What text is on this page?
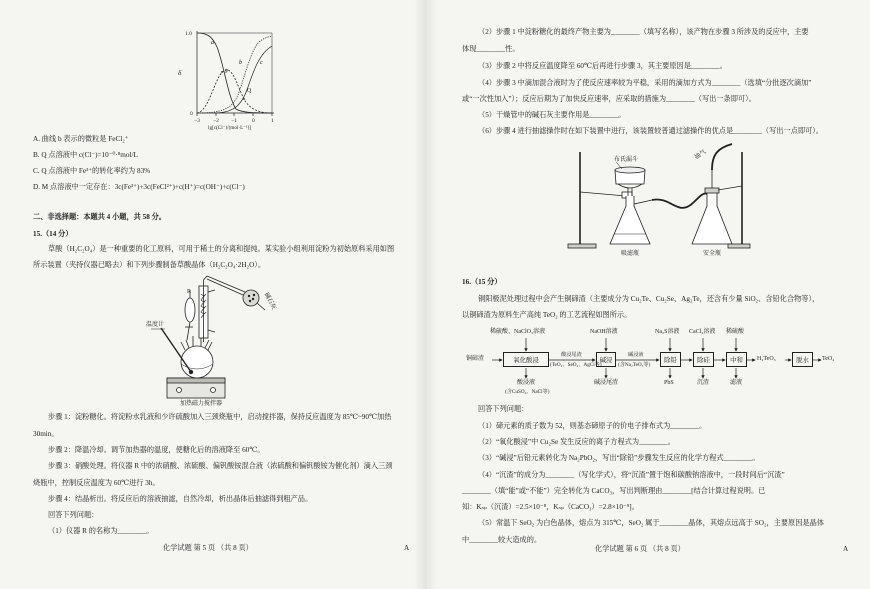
δ
1.0
0
−3 −2 −1	0	1
lg[c(Cl⁻)/(mol·L⁻¹)]
a
b	c
P
Q
A. 曲线 b 表示的微粒是 FeCl₂⁺
B. Q 点溶液中 c(Cl⁻)=10⁻⁰·⁸mol/L
C. Q 点溶液中 Fe³⁺的转化率约为 83%
D. M 点溶液中一定存在：3c(Fe³⁺)+3c(FeCl²⁺)+c(H⁺)=c(OH⁻)+c(Cl⁻)
二、非选择题：本题共 4 小题，共 58 分。
15.（14 分）
草酸（H₂C₂O₄）是一种重要的化工原料，可用于稀土的分离和提纯。某实验小组利用淀粉为初始原料采用如图
所示装置（夹持仪器已略去）和下列步骤制备草酸晶体（H₂C₂O₄·2H₂O）。
R
温度计
碱石灰
加热磁力搅拌器
步骤 1：淀粉糖化。将淀粉水乳液和少许硫酸加入三颈烧瓶中，启动搅拌器，保持反应温度为 85℃~90℃加热
30min。
步骤 2：降温冷却。调节加热器的温度，使糖化后的溶液降至 60℃。
步骤 3：硝酸处理。将仪器 R 中的浓硝酸、浓硫酸、偏钒酸铵混合液（浓硫酸和偏钒酸铵为催化剂）滴入三颈
烧瓶中，控制反应温度为 60℃进行 3h。
步骤 4：结晶析出。将反应后的溶液抽滤，自然冷却，析出晶体后抽滤得到粗产品。
回答下列问题：
（1）仪器 R 的名称为________。
化学试题 第 5 页 （共 8 页）	A
（2）步骤 1 中淀粉糖化的最终产物主要为________（填写名称），该产物在步骤 3 所涉及的反应中，主要
体现________性。
（3）步骤 2 中将反应温度降至 60℃后再进行步骤 3，其主要原因是________。
（4）步骤 3 中滴加混合液时为了使反应速率较为平稳，采用的滴加方式为________（选填“分批逐次滴加”
或“一次性加入”）；反应后期为了加快反应速率，应采取的措施为________（写出一条即可）。
（5）干燥管中的碱石灰主要作用是________。
（6）步骤 4 进行抽滤操作时在如下装置中进行，该装置较普通过滤操作的优点是________（写出一点即可）。
布氏漏斗	抽气
吸滤瓶	安全瓶
16.（15 分）
铜阳极泥处理过程中会产生铜碲渣（主要成分为 Cu₂Te、Cu₂Se、Ag₂Te，还含有少量 SiO₂、含铅化合物等），
以铜碲渣为原料生产高纯 TeO₂ 的工艺流程如图所示。
铜碲渣	氧化酸浸	碱浸	除铅	除硅	中和	脱水
稀硫酸、NaClO₃溶液	NaOH溶液	Na₂S溶液 CaCl₂溶液 稀硫酸
酸浸尾渣
(TeO₂、SeO₂、AgCl等)
碱浸液
(含Na₂TeO₃等)
H₂TeO₃	TeO₂
酸浸液
(含CuSO₄、NaCl等)
碱浸尾渣	PbS	沉渣	滤液
回答下列问题：
（1）碲元素的质子数为 52，则基态碲原子的价电子排布式为________。
（2）“氧化酸浸”中 Cu₂Se 发生反应的离子方程式为________。
（3）“碱浸”后铅元素转化为 Na₂PbO₂，写出“除铅”步骤发生反应的化学方程式________。
（4）“沉渣”的成分为________（写化学式），将“沉渣”置于饱和碳酸钠溶液中，一段时间后“沉渣”
________（填“能”或“不能”）完全转化为 CaCO₃，写出判断理由________[结合计算过程说明。已
知：Kₛₚ（沉渣）=2.5×10⁻⁸，Kₛₚ（CaCO₃）=2.8×10⁻⁹]。
（5）常温下 SeO₂ 为白色晶体，熔点为 315℃，SeO₂ 属于________晶体，其熔点远高于 SO₂，主要原因是晶体
中________较大造成的。
化学试题 第 6 页 （共 8 页）	A
